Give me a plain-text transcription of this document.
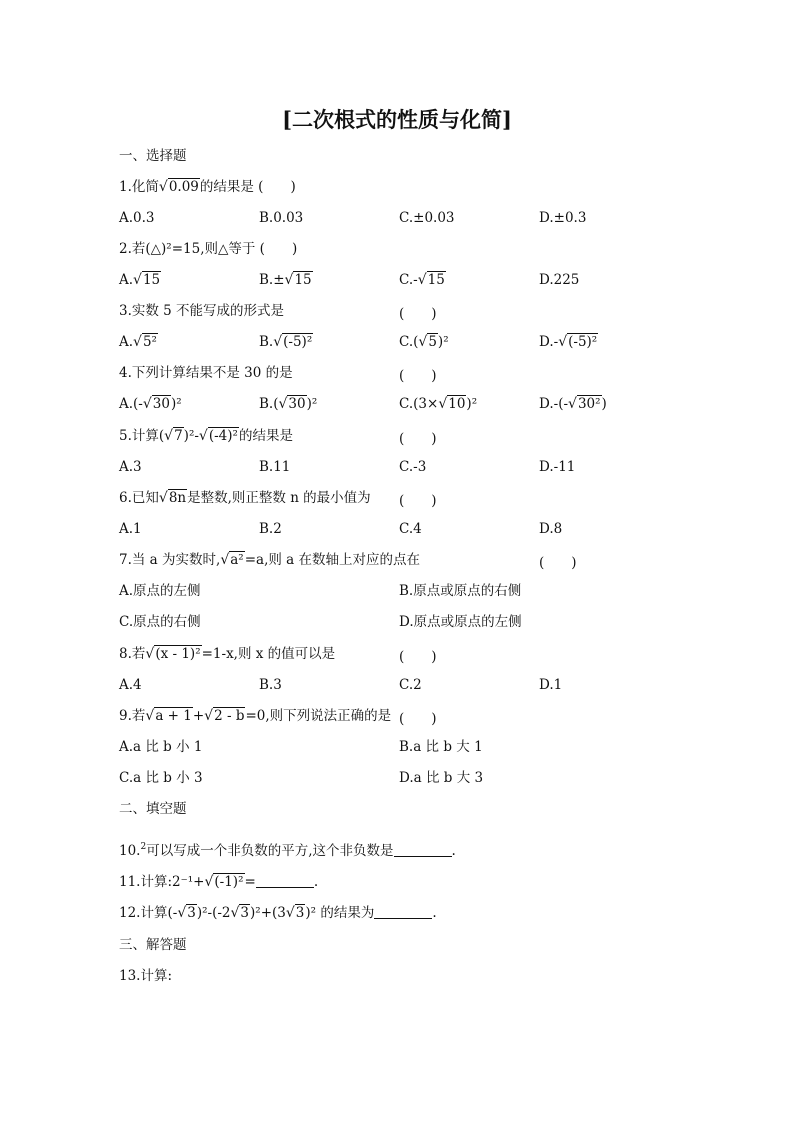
[二次根式的性质与化简]
一、选择题
1.化简√0.09的结果是 (　　)
A.0.3	B.0.03	C.±0.03	D.±0.3
2.若(△)²=15,则△等于 (　　)
A.√15	B.±√15	C.-√15	D.225
3.实数 5 不能写成的形式是	(　　)
A.√5²	B.√(-5)²	C.(√5)²	D.-√(-5)²
4.下列计算结果不是 30 的是	(　　)
A.(-√30)²	B.(√30)²	C.(3×√10)²	D.-(-√30²)
5.计算(√7)²-√(-4)²的结果是	(　　)
A.3	B.11	C.-3	D.-11
6.已知√8n是整数,则正整数 n 的最小值为 (　　)
A.1	B.2	C.4	D.8
7.当 a 为实数时,√a²=a,则 a 在数轴上对应的点在	(　　)
A.原点的左侧	B.原点或原点的右侧
C.原点的右侧	D.原点或原点的左侧
8.若√(x - 1)²=1-x,则 x 的值可以是	(　　)
A.4	B.3	C.2	D.1
9.若√a + 1+√2 - b=0,则下列说法正确的是 (　　)
A.a 比 b 小 1	B.a 比 b 大 1
C.a 比 b 小 3	D.a 比 b 大 3
二、填空题
10.$^2$可以写成一个非负数的平方,这个非负数是	.
11.计算:2⁻¹+√(-1)²=	.
12.计算(-√3)²-(-2√3)²+(3√3)² 的结果为	.
三、解答题
13.计算:
